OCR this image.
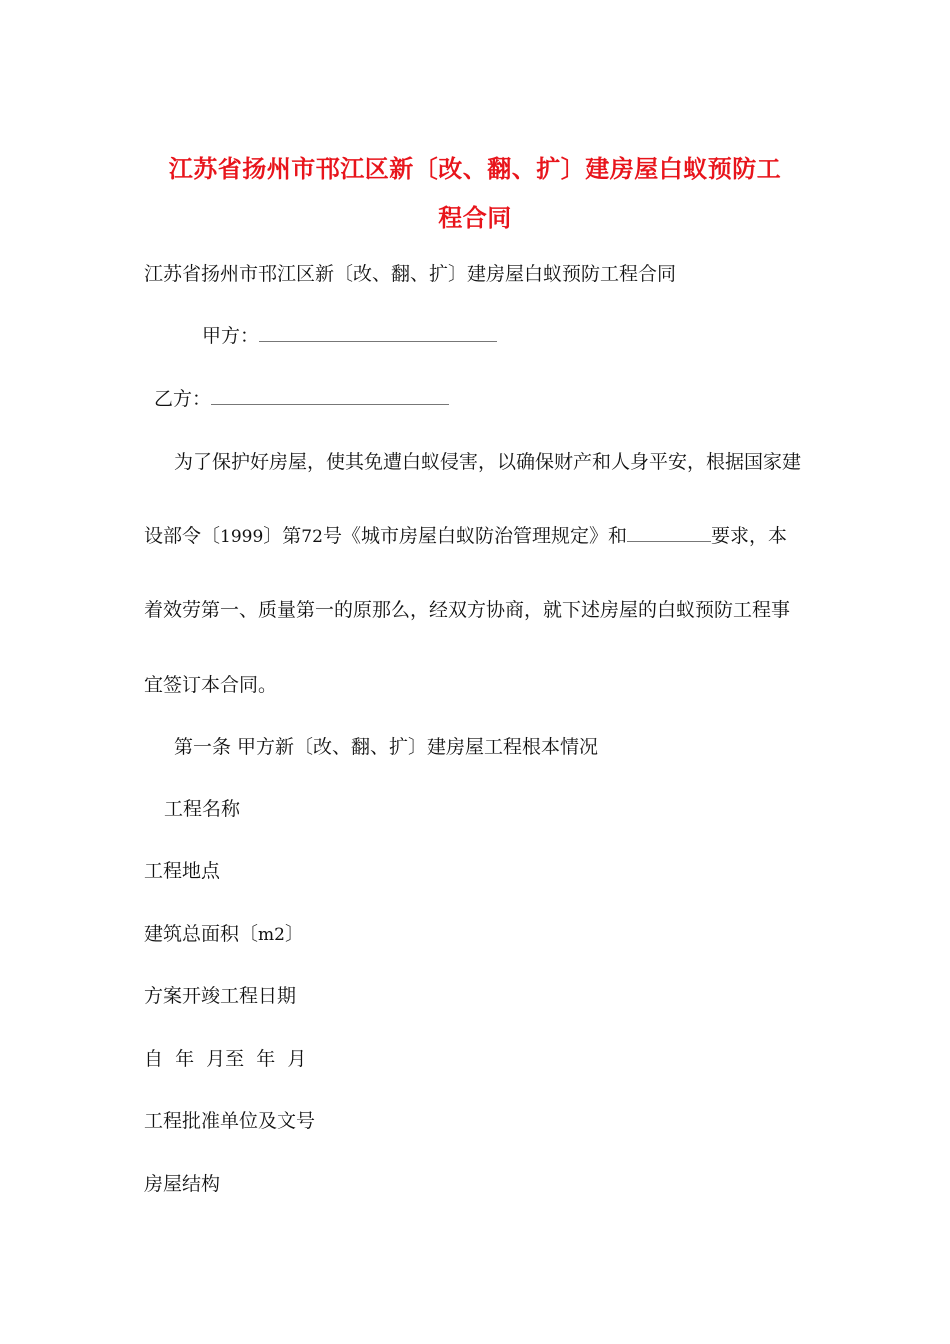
江苏省扬州市邗江区新〔改、翻、扩〕建房屋白蚁预防工
程合同
江苏省扬州市邗江区新〔改、翻、扩〕建房屋白蚁预防工程合同
甲方：
乙方：
为了保护好房屋，使其免遭白蚁侵害，以确保财产和人身平安，根据国家建
设部令〔1999〕第72号《城市房屋白蚁防治管理规定》和	要求，本
着效劳第一、质量第一的原那么，经双方协商，就下述房屋的白蚁预防工程事
宜签订本合同。
第一条 甲方新〔改、翻、扩〕建房屋工程根本情况
工程名称
工程地点
建筑总面积〔m2〕
方案开竣工程日期
自  年  月至  年  月
工程批准单位及文号
房屋结构
